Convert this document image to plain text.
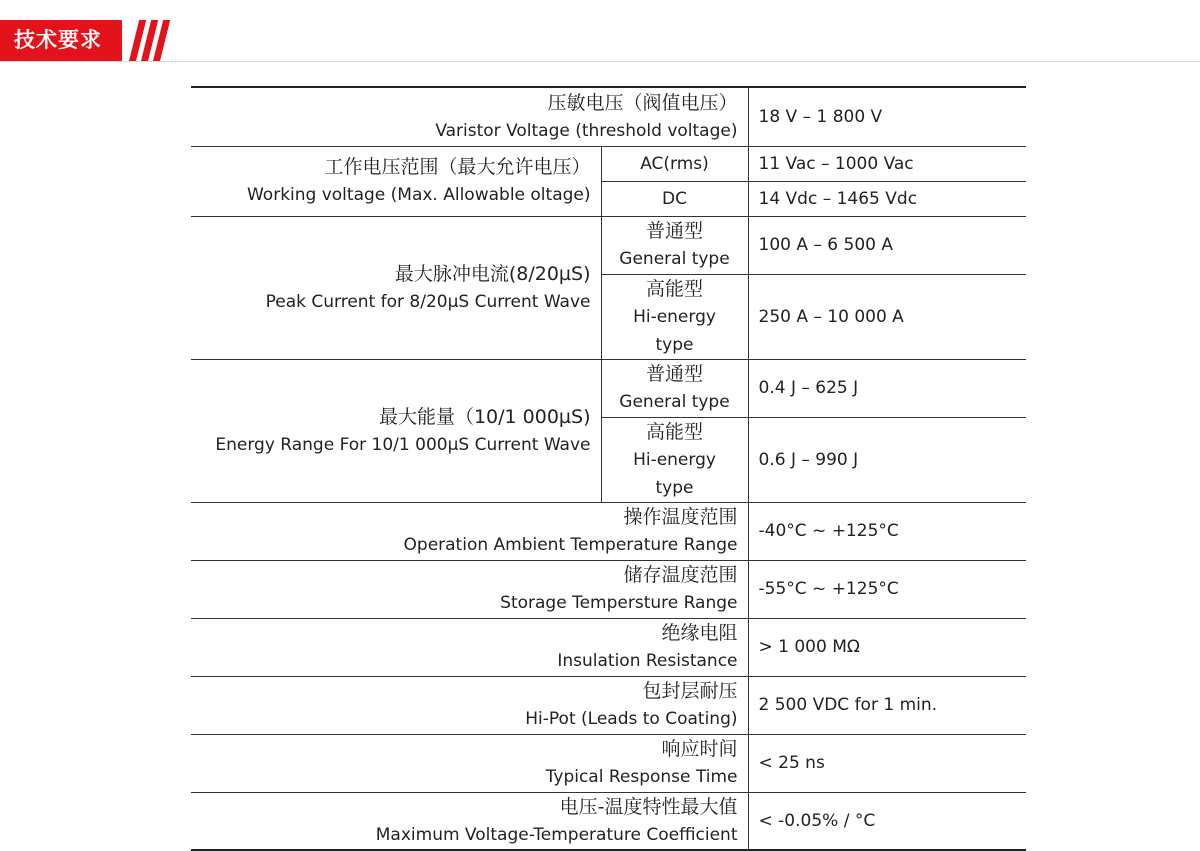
技术要求
压敏电压（阀值电压）
Varistor Voltage (threshold voltage)		18 V – 1 800 V

工作电压范围（最大允许电压）
Working voltage (Max. Allowable oltage)	AC(rms)	11 Vac – 1000 Vac
	DC	14 Vdc – 1465 Vdc

最大脉冲电流(8/20µS)
Peak Current for 8/20µS Current Wave	普通型
General type	100 A – 6 500 A

	高能型
Hi-energy type	250 A – 10 000 A

最大能量（10/1 000µS)
Energy Range For 10/1 000µS Current Wave	普通型
General type	0.4 J – 625 J

	高能型
Hi-energy type	0.6 J – 990 J

操作温度范围
Operation Ambient Temperature Range		-40°C ~ +125°C

储存温度范围
Storage Tempersture Range		-55°C ~ +125°C

绝缘电阻
Insulation Resistance		> 1 000 MΩ

包封层耐压
Hi-Pot (Leads to Coating)		2 500 VDC for 1 min.

响应时间
Typical Response Time		< 25 ns

电压-温度特性最大值
Maximum Voltage-Temperature Coefficient		< -0.05% / °C
